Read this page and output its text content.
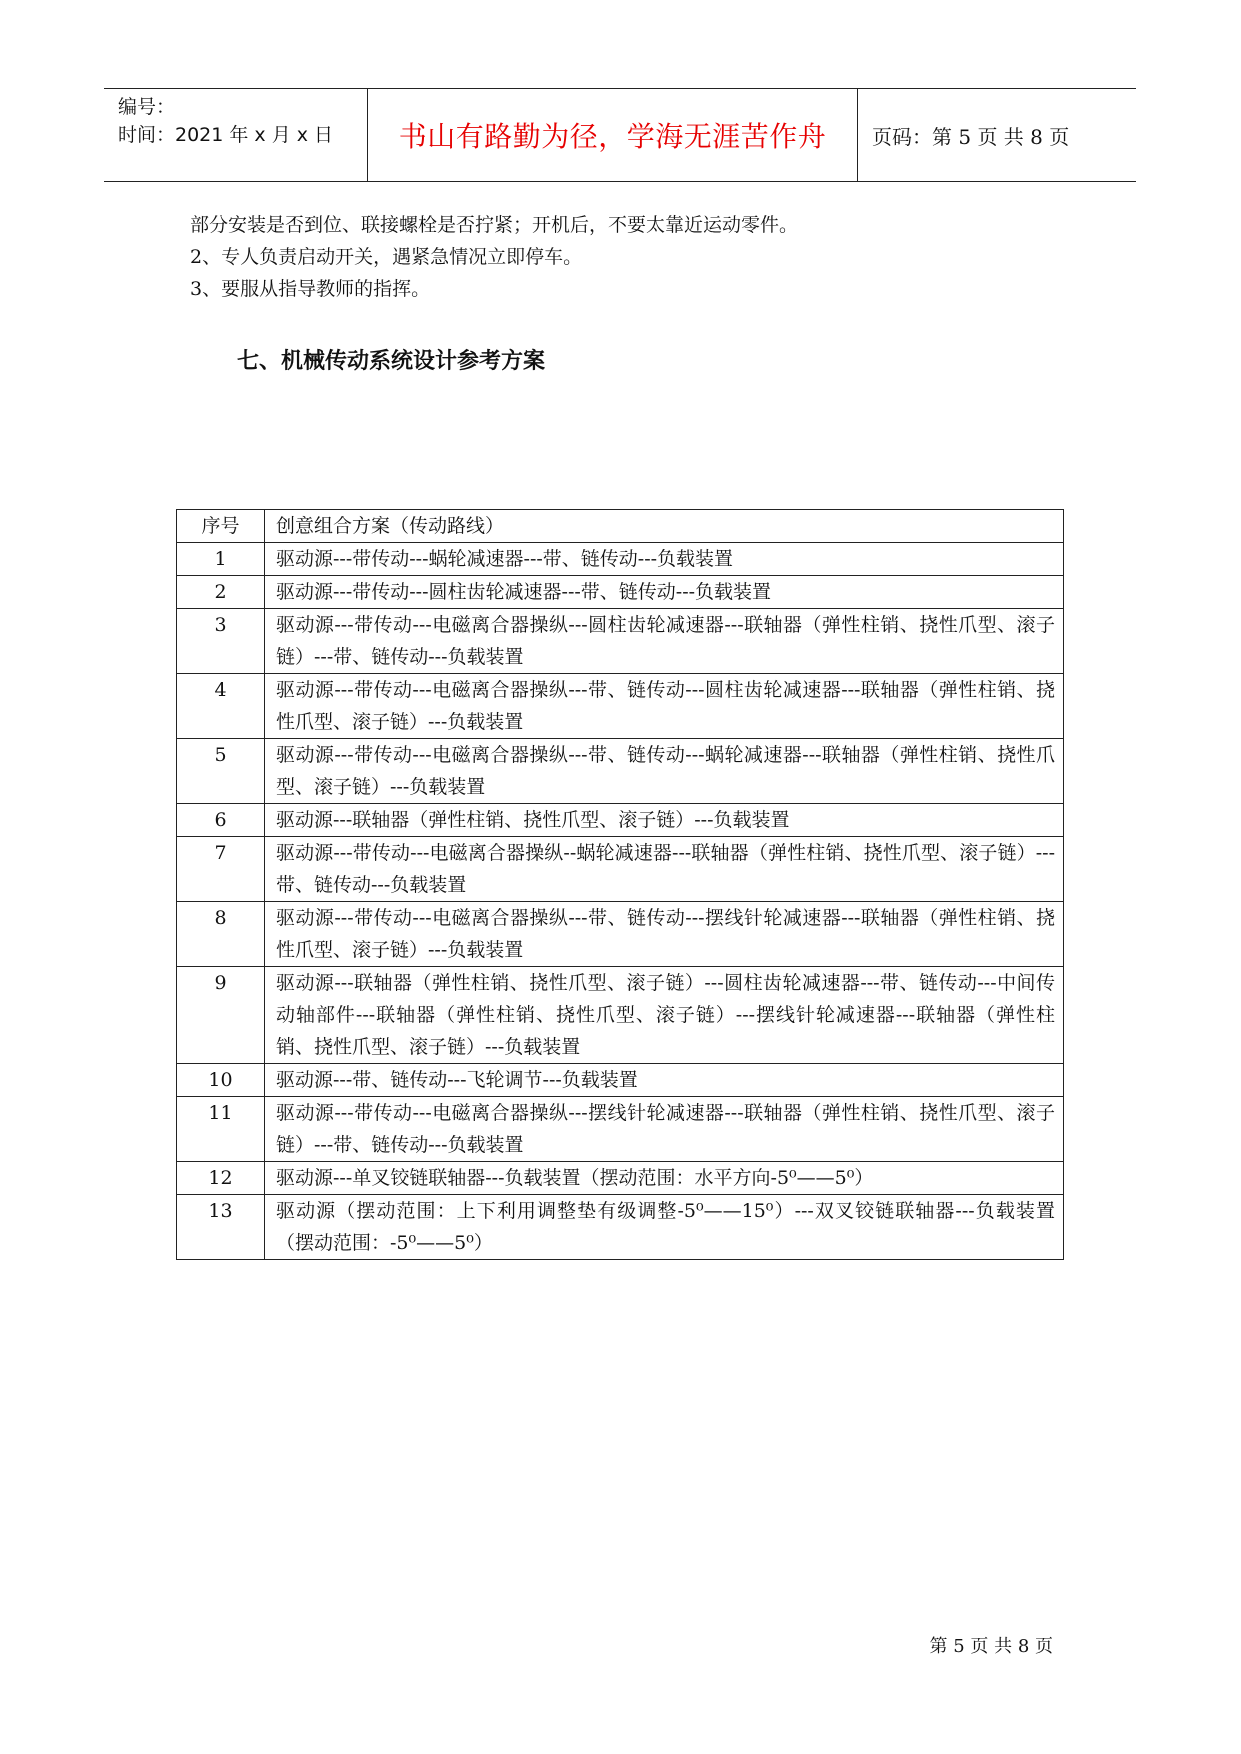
编号：
时间：2021 年 x 月 x 日	书山有路勤为径，学海无涯苦作舟	页码：第 5 页 共 8 页

部分安装是否到位、联接螺栓是否拧紧；开机后，不要太靠近运动零件。

2、专人负责启动开关，遇紧急情况立即停车。

3、要服从指导教师的指挥。

七、机械传动系统设计参考方案
序号	创意组合方案（传动路线）
1	驱动源---带传动---蜗轮减速器---带、链传动---负载装置
2	驱动源---带传动---圆柱齿轮减速器---带、链传动---负载装置
3	驱动源---带传动---电磁离合器操纵---圆柱齿轮减速器---联轴器（弹性柱销、挠性爪型、滚子链）---带、链传动---负载装置
4	驱动源---带传动---电磁离合器操纵---带、链传动---圆柱齿轮减速器---联轴器（弹性柱销、挠性爪型、滚子链）---负载装置
5	驱动源---带传动---电磁离合器操纵---带、链传动---蜗轮减速器---联轴器（弹性柱销、挠性爪型、滚子链）---负载装置
6	驱动源---联轴器（弹性柱销、挠性爪型、滚子链）---负载装置
7	驱动源---带传动---电磁离合器操纵--蜗轮减速器---联轴器（弹性柱销、挠性爪型、滚子链）---带、链传动---负载装置
8	驱动源---带传动---电磁离合器操纵---带、链传动---摆线针轮减速器---联轴器（弹性柱销、挠性爪型、滚子链）---负载装置
9	驱动源---联轴器（弹性柱销、挠性爪型、滚子链）---圆柱齿轮减速器---带、链传动---中间传动轴部件---联轴器（弹性柱销、挠性爪型、滚子链）---摆线针轮减速器---联轴器（弹性柱销、挠性爪型、滚子链）---负载装置
10	驱动源---带、链传动---飞轮调节---负载装置
11	驱动源---带传动---电磁离合器操纵---摆线针轮减速器---联轴器（弹性柱销、挠性爪型、滚子链）---带、链传动---负载装置
12	驱动源---单叉铰链联轴器---负载装置（摆动范围：水平方向-5⁰——5⁰）
13	驱动源（摆动范围：上下利用调整垫有级调整-5⁰——15⁰）---双叉铰链联轴器---负载装置（摆动范围：-5⁰——5⁰）
第 5 页 共 8 页
